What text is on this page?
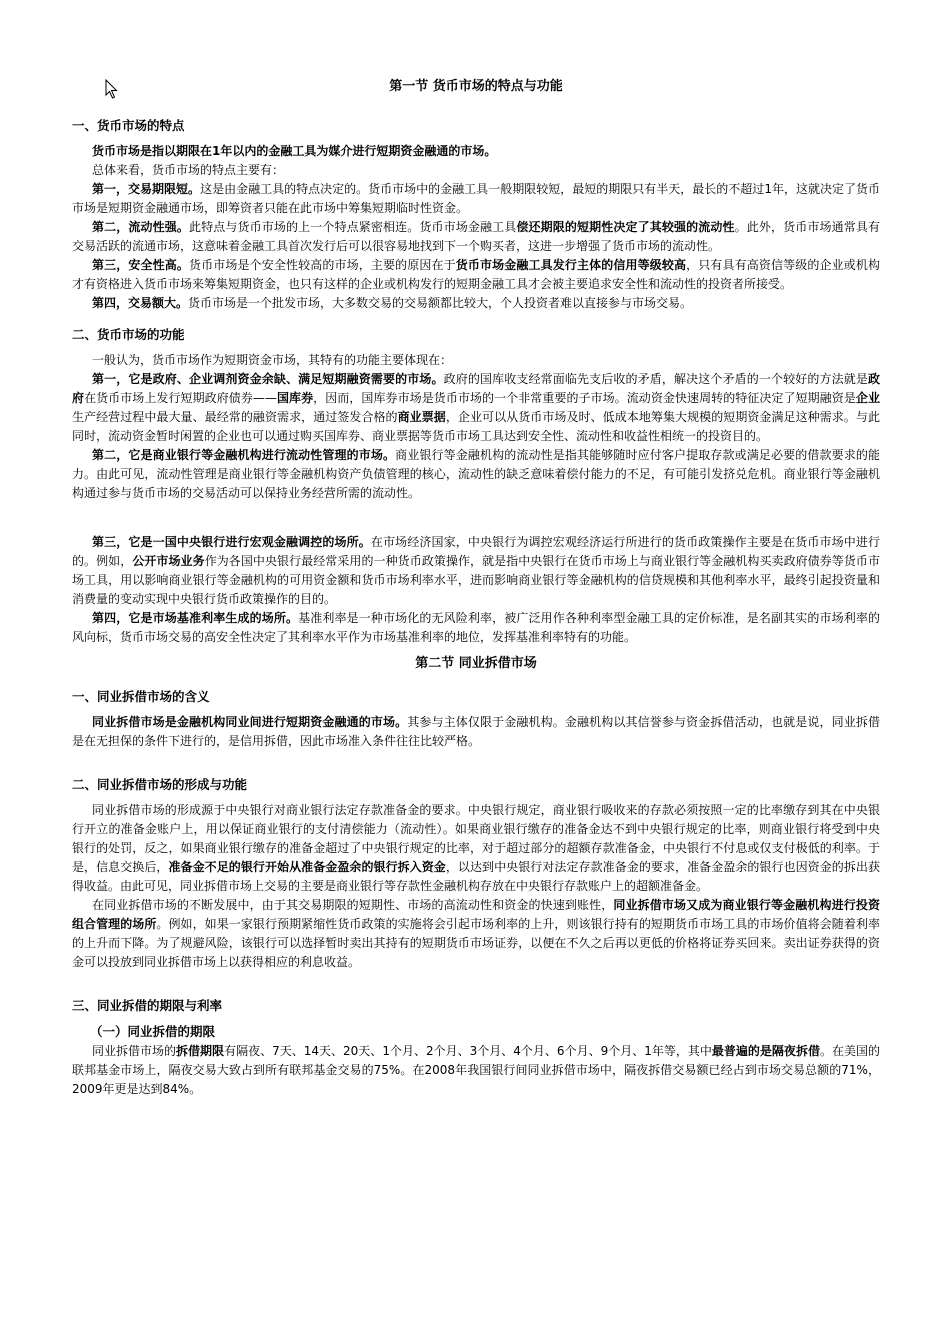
第一节 货币市场的特点与功能
一、货币市场的特点

货币市场是指以期限在1年以内的金融工具为媒介进行短期资金融通的市场。

总体来看，货币市场的特点主要有：

第一，交易期限短。这是由金融工具的特点决定的。货币市场中的金融工具一般期限较短，最短的期限只有半天，最长的不超过1年，这就决定了货币市场是短期资金融通市场，即筹资者只能在此市场中筹集短期临时性资金。

第二，流动性强。此特点与货币市场的上一个特点紧密相连。货币市场金融工具偿还期限的短期性决定了其较强的流动性。此外，货币市场通常具有交易活跃的流通市场，这意味着金融工具首次发行后可以很容易地找到下一个购买者，这进一步增强了货币市场的流动性。

第三，安全性高。货币市场是个安全性较高的市场，主要的原因在于货币市场金融工具发行主体的信用等级较高，只有具有高资信等级的企业或机构才有资格进入货币市场来筹集短期资金，也只有这样的企业或机构发行的短期金融工具才会被主要追求安全性和流动性的投资者所接受。

第四，交易额大。货币市场是一个批发市场，大多数交易的交易额都比较大，个人投资者难以直接参与市场交易。

二、货币市场的功能

一般认为，货币市场作为短期资金市场，其特有的功能主要体现在：

第一，它是政府、企业调剂资金余缺、满足短期融资需要的市场。政府的国库收支经常面临先支后收的矛盾，解决这个矛盾的一个较好的方法就是政府在货币市场上发行短期政府债券——国库券，因而，国库券市场是货币市场的一个非常重要的子市场。流动资金快速周转的特征决定了短期融资是企业生产经营过程中最大量、最经常的融资需求，通过签发合格的商业票据，企业可以从货币市场及时、低成本地筹集大规模的短期资金满足这种需求。与此同时，流动资金暂时闲置的企业也可以通过购买国库券、商业票据等货币市场工具达到安全性、流动性和收益性相统一的投资目的。

第二，它是商业银行等金融机构进行流动性管理的市场。商业银行等金融机构的流动性是指其能够随时应付客户提取存款或满足必要的借款要求的能力。由此可见，流动性管理是商业银行等金融机构资产负债管理的核心，流动性的缺乏意味着偿付能力的不足，有可能引发挤兑危机。商业银行等金融机构通过参与货币市场的交易活动可以保持业务经营所需的流动性。

第三，它是一国中央银行进行宏观金融调控的场所。在市场经济国家，中央银行为调控宏观经济运行所进行的货币政策操作主要是在货币市场中进行的。例如，公开市场业务作为各国中央银行最经常采用的一种货币政策操作，就是指中央银行在货币市场上与商业银行等金融机构买卖政府债券等货币市场工具，用以影响商业银行等金融机构的可用资金额和货币市场利率水平，进而影响商业银行等金融机构的信贷规模和其他利率水平，最终引起投资量和消费量的变动实现中央银行货币政策操作的目的。

第四，它是市场基准利率生成的场所。基准利率是一种市场化的无风险利率，被广泛用作各种利率型金融工具的定价标准，是名副其实的市场利率的风向标，货币市场交易的高安全性决定了其利率水平作为市场基准利率的地位，发挥基准利率特有的功能。

第二节 同业拆借市场
一、同业拆借市场的含义

同业拆借市场是金融机构同业间进行短期资金融通的市场。其参与主体仅限于金融机构。金融机构以其信誉参与资金拆借活动，也就是说，同业拆借是在无担保的条件下进行的，是信用拆借，因此市场准入条件往往比较严格。

二、同业拆借市场的形成与功能

同业拆借市场的形成源于中央银行对商业银行法定存款准备金的要求。中央银行规定，商业银行吸收来的存款必须按照一定的比率缴存到其在中央银行开立的准备金账户上，用以保证商业银行的支付清偿能力（流动性）。如果商业银行缴存的准备金达不到中央银行规定的比率，则商业银行将受到中央银行的处罚，反之，如果商业银行缴存的准备金超过了中央银行规定的比率，对于超过部分的超额存款准备金，中央银行不付息或仅支付极低的利率。于是，信息交换后，准备金不足的银行开始从准备金盈余的银行拆入资金，以达到中央银行对法定存款准备金的要求，准备金盈余的银行也因资金的拆出获得收益。由此可见，同业拆借市场上交易的主要是商业银行等存款性金融机构存放在中央银行存款账户上的超额准备金。

在同业拆借市场的不断发展中，由于其交易期限的短期性、市场的高流动性和资金的快速到账性，同业拆借市场又成为商业银行等金融机构进行投资组合管理的场所。例如，如果一家银行预期紧缩性货币政策的实施将会引起市场利率的上升，则该银行持有的短期货币市场工具的市场价值将会随着利率的上升而下降。为了规避风险，该银行可以选择暂时卖出其持有的短期货币市场证券，以便在不久之后再以更低的价格将证券买回来。卖出证券获得的资金可以投放到同业拆借市场上以获得相应的利息收益。

三、同业拆借的期限与利率
（一）同业拆借的期限

同业拆借市场的拆借期限有隔夜、7天、14天、20天、1个月、2个月、3个月、4个月、6个月、9个月、1年等，其中最普遍的是隔夜拆借。在美国的联邦基金市场上，隔夜交易大致占到所有联邦基金交易的75%。在2008年我国银行间同业拆借市场中，隔夜拆借交易额已经占到市场交易总额的71%，2009年更是达到84%。
